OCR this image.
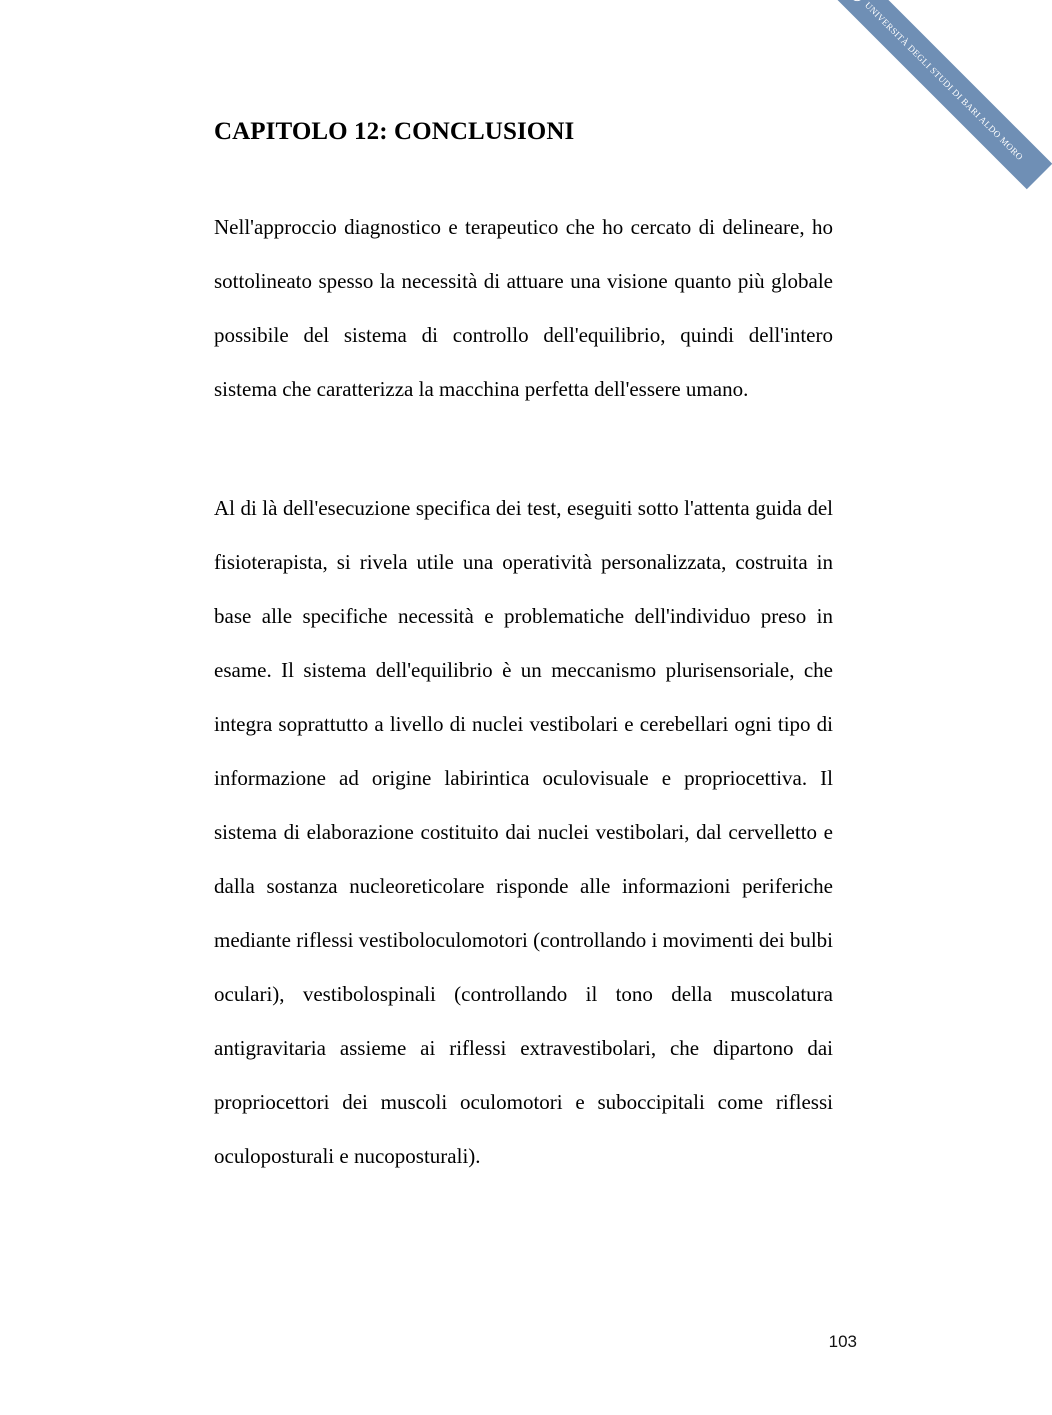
UNIVERSITÀ DEGLI STUDI DI BARI ALDO MORO
CAPITOLO 12: CONCLUSIONI

Nell'approccio diagnostico e terapeutico che ho cercato di delineare, ho sottolineato spesso la necessità di attuare una visione quanto più globale possibile del sistema di controllo dell'equilibrio, quindi dell'intero sistema che caratterizza la macchina perfetta dell'essere umano.

Al di là dell'esecuzione specifica dei test, eseguiti sotto l'attenta guida del fisioterapista, si rivela utile una operatività personalizzata, costruita in base alle specifiche necessità e problematiche dell'individuo preso in esame. Il sistema dell'equilibrio è un meccanismo plurisensoriale, che integra soprattutto a livello di nuclei vestibolari e cerebellari ogni tipo di informazione ad origine labirintica oculovisuale e propriocettiva. Il sistema di elaborazione costituito dai nuclei vestibolari, dal cervelletto e dalla sostanza nucleoreticolare risponde alle informazioni periferiche mediante riflessi vestiboloculomotori (controllando i movimenti dei bulbi oculari), vestibolospinali (controllando il tono della muscolatura antigravitaria assieme ai riflessi extravestibolari, che dipartono dai propriocettori dei muscoli oculomotori e suboccipitali come riflessi oculoposturali e nucoposturali).

103
